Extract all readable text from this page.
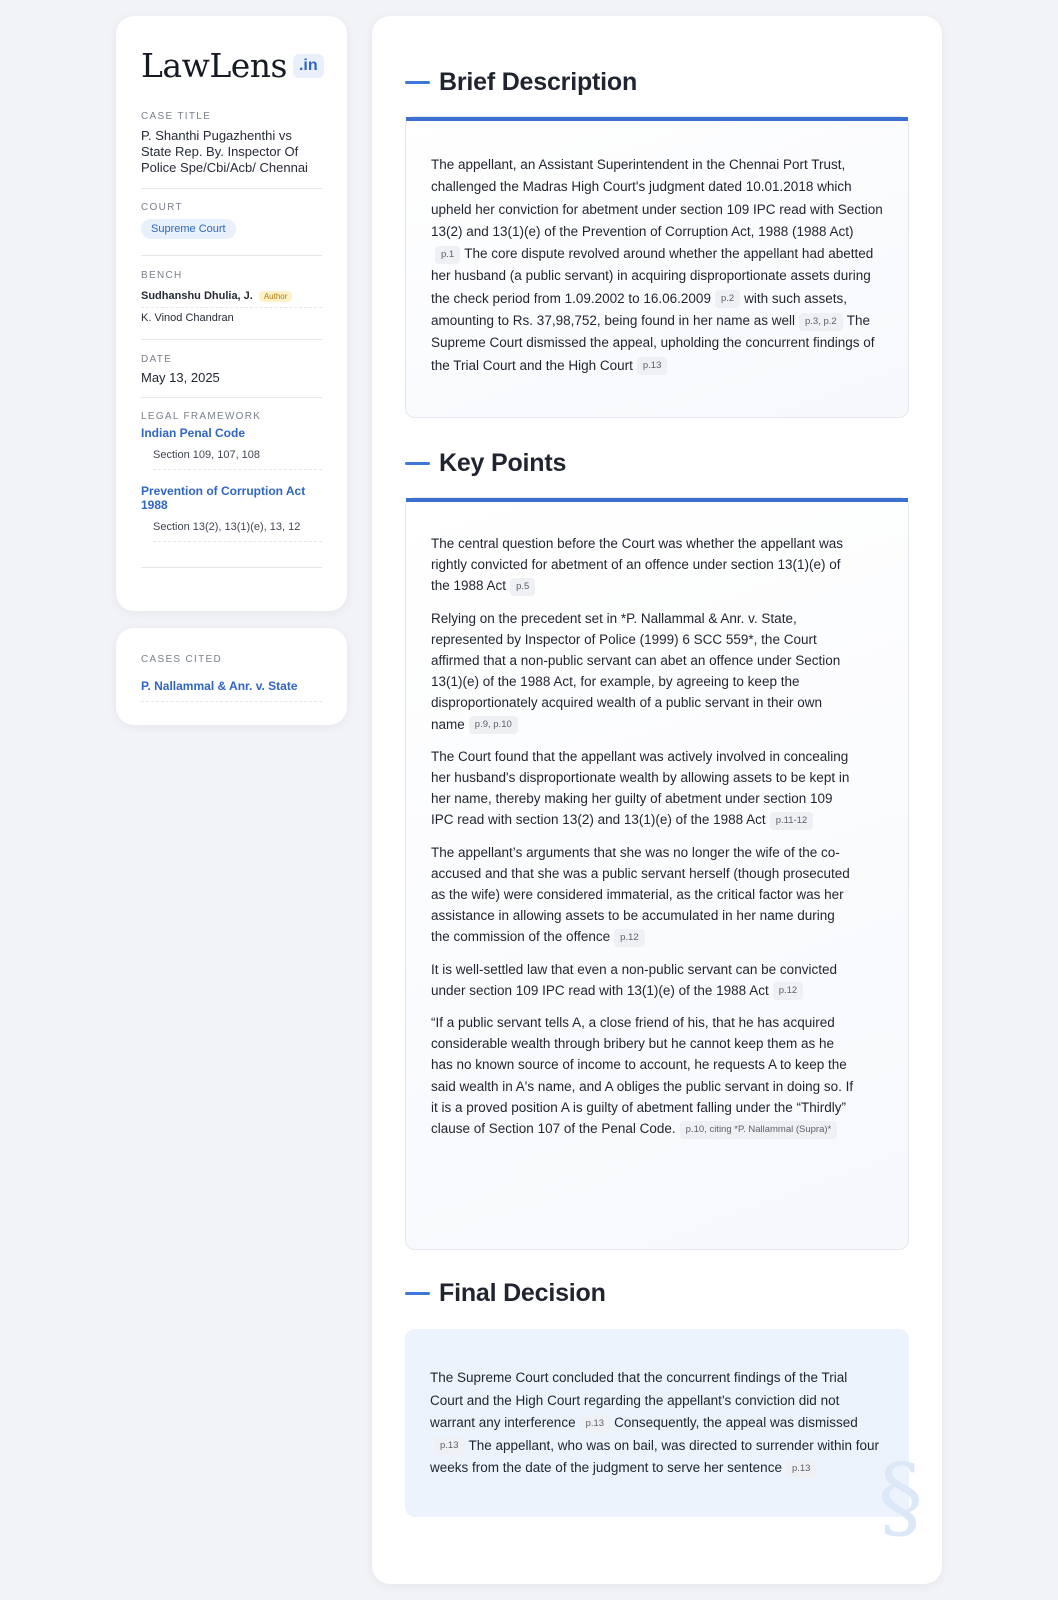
LawLens .in
CASE TITLE
P. Shanthi Pugazhenthi vs State Rep. By. Inspector Of Police Spe/Cbi/Acb/ Chennai
COURT
Supreme Court
BENCH
Sudhanshu Dhulia, J. Author
K. Vinod Chandran
DATE
May 13, 2025
LEGAL FRAMEWORK
Indian Penal Code
Section 109, 107, 108
Prevention of Corruption Act 1988
Section 13(2), 13(1)(e), 13, 12
CASES CITED
P. Nallammal & Anr. v. State
Brief Description
The appellant, an Assistant Superintendent in the Chennai Port Trust, challenged the Madras High Court's judgment dated 10.01.2018 which upheld her conviction for abetment under section 109 IPC read with Section 13(2) and 13(1)(e) of the Prevention of Corruption Act, 1988 (1988 Act)p.1 The core dispute revolved around whether the appellant had abetted her husband (a public servant) in acquiring disproportionate assets during the check period from 1.09.2002 to 16.06.2009 p.2 with such assets, amounting to Rs. 37,98,752, being found in her name as well p.3, p.2 The Supreme Court dismissed the appeal, upholding the concurrent findings of the Trial Court and the High Court p.13
Key Points
The central question before the Court was whether the appellant was rightly convicted for abetment of an offence under section 13(1)(e) of the 1988 Act p.5
Relying on the precedent set in *P. Nallammal & Anr. v. State, represented by Inspector of Police (1999) 6 SCC 559*, the Court affirmed that a non-public servant can abet an offence under Section 13(1)(e) of the 1988 Act, for example, by agreeing to keep the disproportionately acquired wealth of a public servant in their own name p.9, p.10
The Court found that the appellant was actively involved in concealing her husband's disproportionate wealth by allowing assets to be kept in her name, thereby making her guilty of abetment under section 109 IPC read with section 13(2) and 13(1)(e) of the 1988 Act p.11-12
The appellant’s arguments that she was no longer the wife of the co-accused and that she was a public servant herself (though prosecuted as the wife) were considered immaterial, as the critical factor was her assistance in allowing assets to be accumulated in her name during the commission of the offence p.12
It is well-settled law that even a non-public servant can be convicted under section 109 IPC read with 13(1)(e) of the 1988 Act p.12
“If a public servant tells A, a close friend of his, that he has acquired considerable wealth through bribery but he cannot keep them as he has no known source of income to account, he requests A to keep the said wealth in A's name, and A obliges the public servant in doing so. If it is a proved position A is guilty of abetment falling under the “Thirdly” clause of Section 107 of the Penal Code. p.10, citing *P. Nallammal (Supra)*
Final Decision
The Supreme Court concluded that the concurrent findings of the Trial Court and the High Court regarding the appellant's conviction did not warrant any interference p.13 Consequently, the appeal was dismissedp.13 The appellant, who was on bail, was directed to surrender within four weeks from the date of the judgment to serve her sentence p.13 §
